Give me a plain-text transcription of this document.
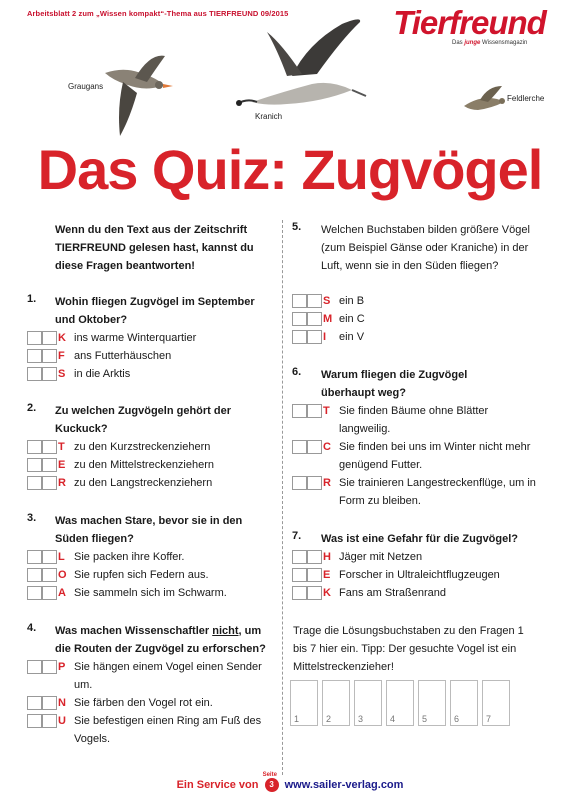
Arbeitsblatt 2 zum „Wissen kompakt“-Thema aus TIERFREUND 09/2015	Tierfreund
Das junge Wissensmagazin
Graugans
Kranich
Feldlerche
Das Quiz: Zugvögel
Wenn du den Text aus der Zeitschrift TIERFREUND gelesen hast, kannst du diese Fragen beantworten!
1. Wohin fliegen Zugvögel im September und Oktober?
K ins warme Winterquartier
F ans Futterhäuschen
S in die Arktis
2. Zu welchen Zugvögeln gehört der Kuckuck?
T zu den Kurzstreckenziehern
E zu den Mittelstreckenziehern
R zu den Langstreckenziehern
3. Was machen Stare, bevor sie in den Süden fliegen?
L Sie packen ihre Koffer.
O Sie rupfen sich Federn aus.
A Sie sammeln sich im Schwarm.
4. Was machen Wissenschaftler nicht, um die Routen der Zugvögel zu erforschen?
P Sie hängen einem Vogel einen Sender um.
N Sie färben den Vogel rot ein.
U Sie befestigen einen Ring am Fuß des Vogels.
5. Welchen Buchstaben bilden größere Vögel (zum Beispiel Gänse oder Kraniche) in der Luft, wenn sie in den Süden fliegen?
S ein B
M ein C
I ein V
6. Warum fliegen die Zugvögel überhaupt weg?
T Sie finden Bäume ohne Blätter langweilig.
C Sie finden bei uns im Winter nicht mehr genügend Futter.
R Sie trainieren Langestreckenflüge, um in Form zu bleiben.
7. Was ist eine Gefahr für die Zugvögel?
H Jäger mit Netzen
E Forscher in Ultraleichtflugzeugen
K Fans am Straßenrand
Trage die Lösungsbuchstaben zu den Fragen 1 bis 7 hier ein. Tipp: Der gesuchte Vogel ist ein Mittelstreckenzieher!
1	2	3	4	5	6	7
Ein Service von
Seite
3 www.sailer-verlag.com
